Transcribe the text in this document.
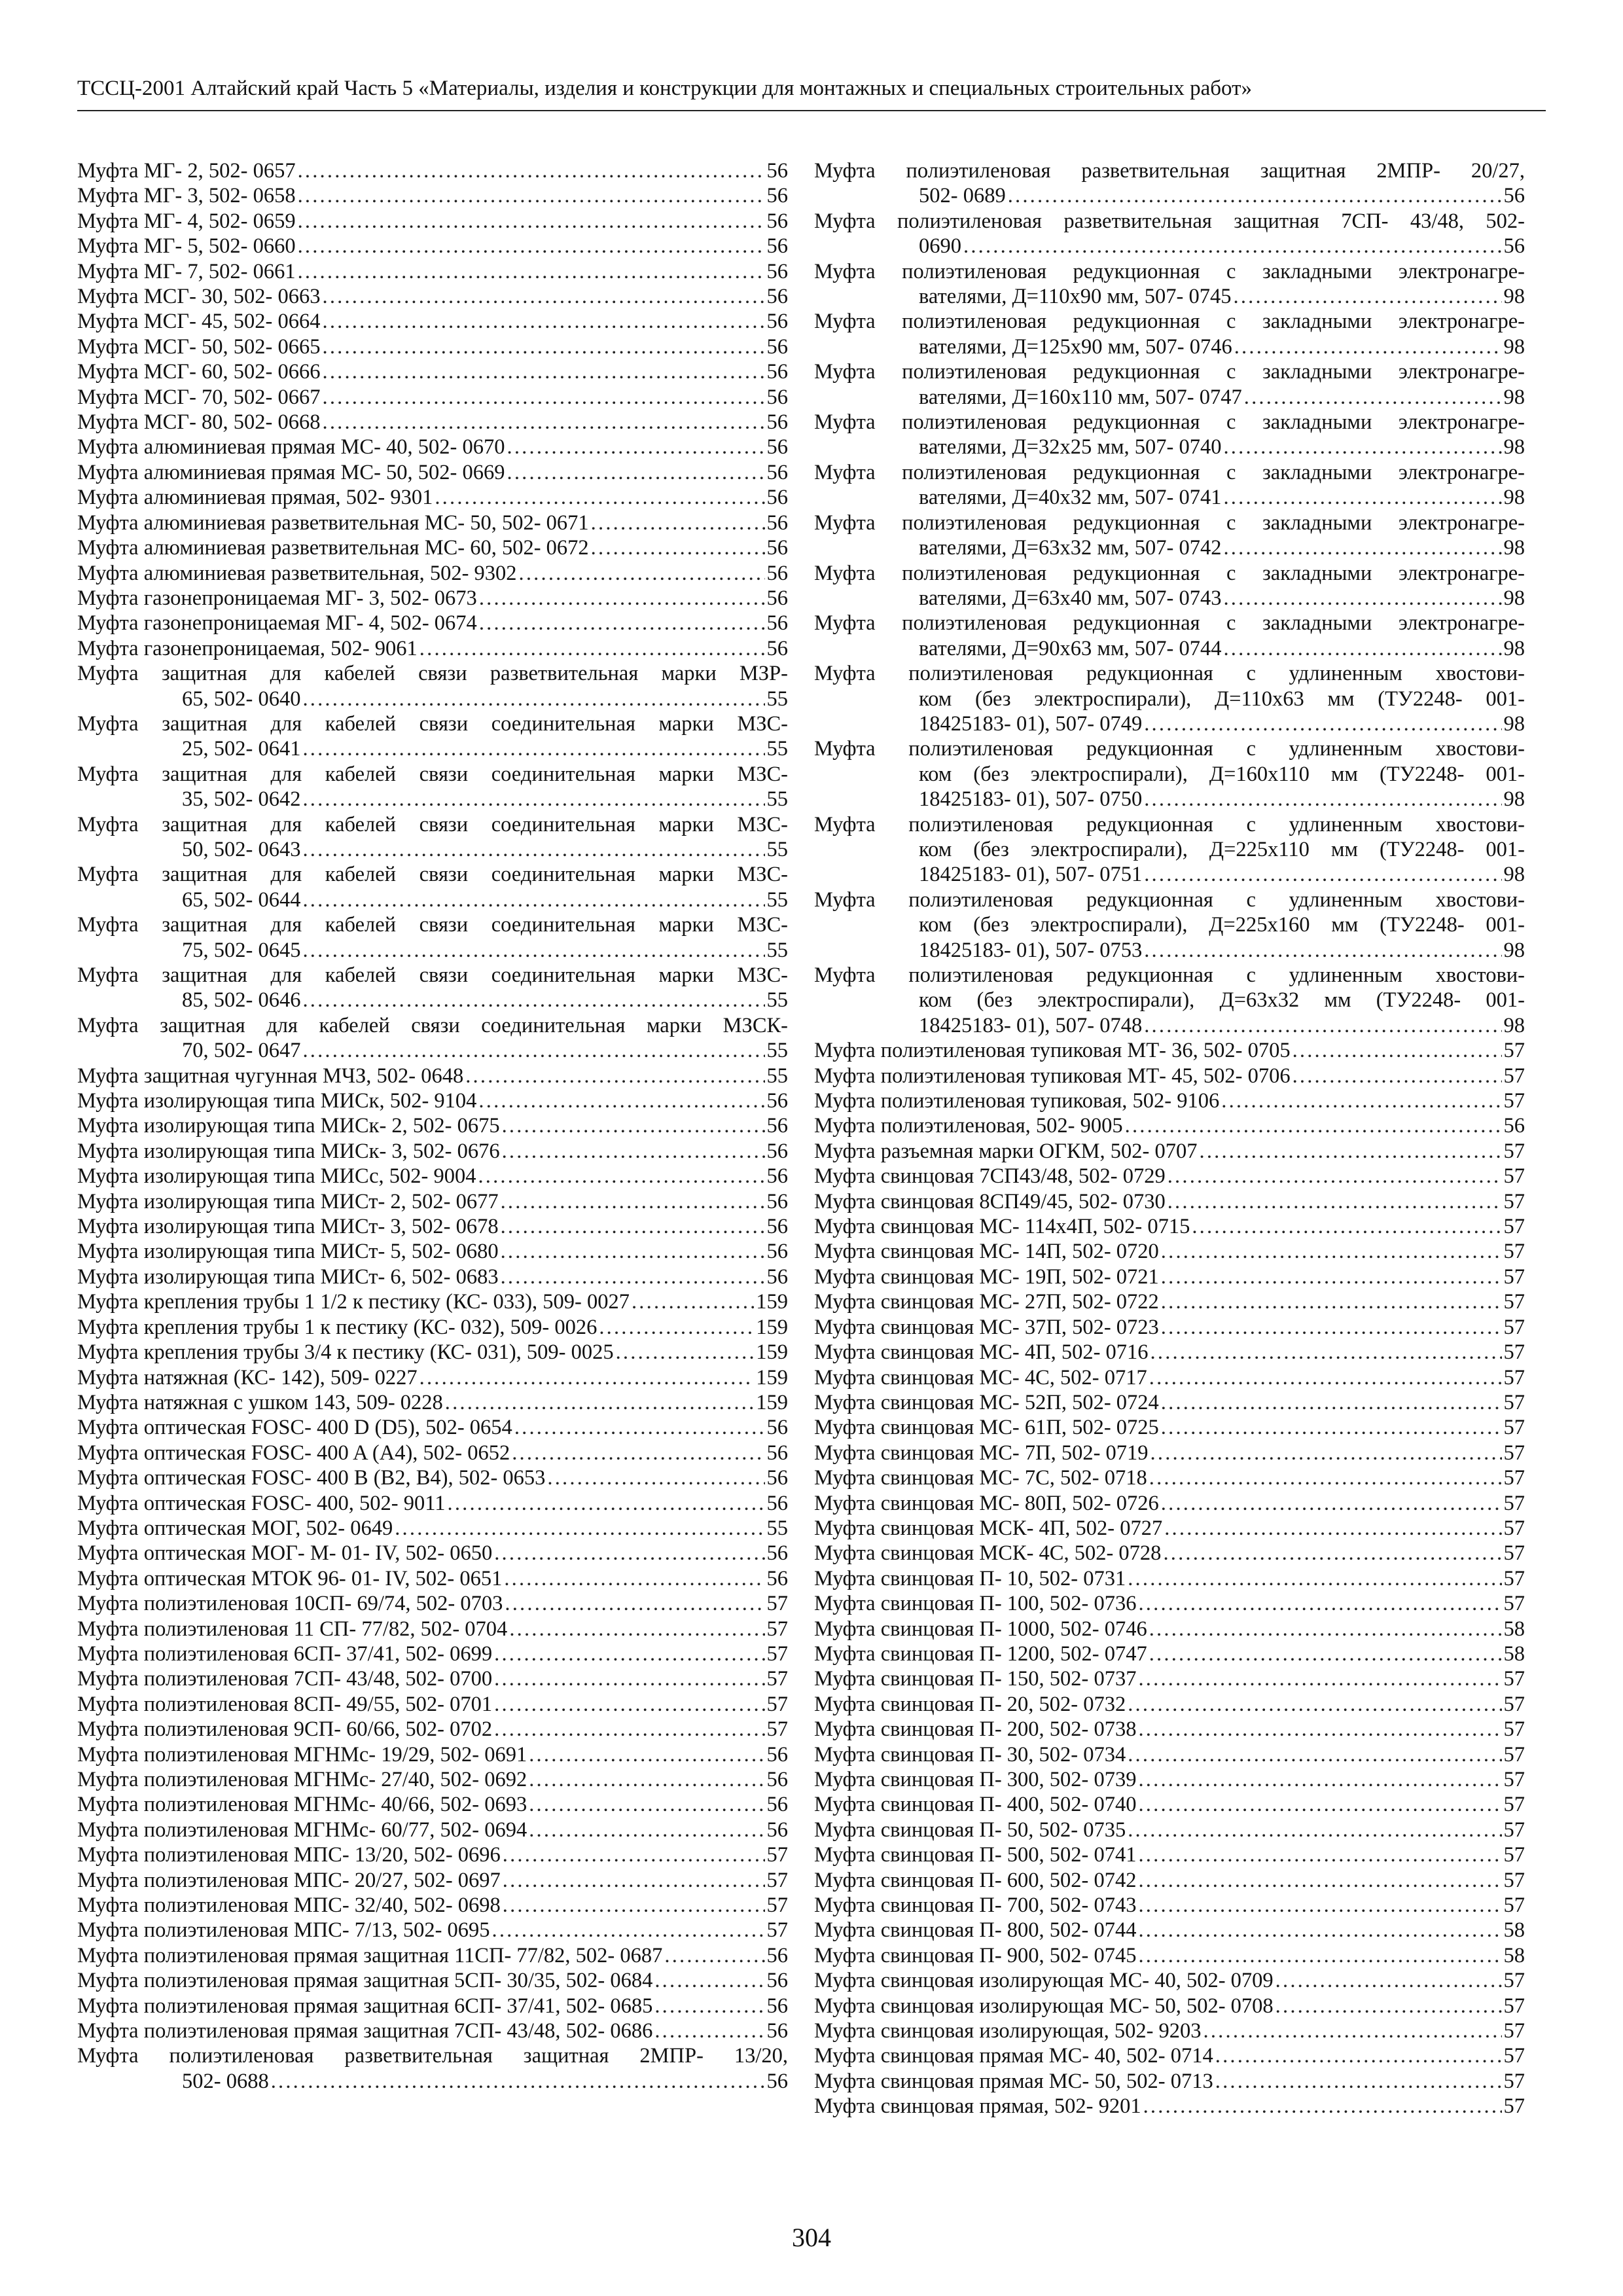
ТССЦ-2001 Алтайский край Часть 5 «Материалы, изделия и конструкции для монтажных и специальных строительных работ»
Муфта МГ- 2, 502- 0657 .....	56
Муфта МГ- 3, 502- 0658 .....	56
Муфта МГ- 4, 502- 0659 .....	56
Муфта МГ- 5, 502- 0660 .....	56
Муфта МГ- 7, 502- 0661 .....	56
Муфта МСГ- 30, 502- 0663 .....	56
Муфта МСГ- 45, 502- 0664 .....	56
Муфта МСГ- 50, 502- 0665 .....	56
Муфта МСГ- 60, 502- 0666 .....	56
Муфта МСГ- 70, 502- 0667 .....	56
Муфта МСГ- 80, 502- 0668 .....	56
Муфта алюминиевая прямая МС- 40, 502- 0670 .....	56
Муфта алюминиевая прямая МС- 50, 502- 0669 .....	56
Муфта алюминиевая прямая, 502- 9301 .....	56
Муфта алюминиевая разветвительная МС- 50, 502- 0671 .....	56
Муфта алюминиевая разветвительная МС- 60, 502- 0672 .....	56
Муфта алюминиевая разветвительная, 502- 9302 .....	56
Муфта газонепроницаемая МГ- 3, 502- 0673 .....	56
Муфта газонепроницаемая МГ- 4, 502- 0674 .....	56
Муфта газонепроницаемая, 502- 9061 .....	56
Муфта защитная для кабелей связи разветвительная марки МЗР-
65, 502- 0640 .....	55
Муфта защитная для кабелей связи соединительная марки МЗС-
25, 502- 0641 .....	55
Муфта защитная для кабелей связи соединительная марки МЗС-
35, 502- 0642 .....	55
Муфта защитная для кабелей связи соединительная марки МЗС-
50, 502- 0643 .....	55
Муфта защитная для кабелей связи соединительная марки МЗС-
65, 502- 0644 .....	55
Муфта защитная для кабелей связи соединительная марки МЗС-
75, 502- 0645 .....	55
Муфта защитная для кабелей связи соединительная марки МЗС-
85, 502- 0646 .....	55
Муфта защитная для кабелей связи соединительная марки МЗСК-
70, 502- 0647 .....	55
Муфта защитная чугунная МЧЗ, 502- 0648 .....	55
Муфта изолирующая типа МИСк, 502- 9104 .....	56
Муфта изолирующая типа МИСк- 2, 502- 0675 .....	56
Муфта изолирующая типа МИСк- 3, 502- 0676 .....	56
Муфта изолирующая типа МИСс, 502- 9004 .....	56
Муфта изолирующая типа МИСт- 2, 502- 0677 .....	56
Муфта изолирующая типа МИСт- 3, 502- 0678 .....	56
Муфта изолирующая типа МИСт- 5, 502- 0680 .....	56
Муфта изолирующая типа МИСт- 6, 502- 0683 .....	56
Муфта крепления трубы 1 1/2 к пестику (КС- 033), 509- 0027 .....	159
Муфта крепления трубы 1 к пестику (КС- 032), 509- 0026 .....	159
Муфта крепления трубы 3/4 к пестику (КС- 031), 509- 0025 .....	159
Муфта натяжная (КС- 142), 509- 0227 .....	159
Муфта натяжная с ушком 143, 509- 0228 .....	159
Муфта оптическая FOSC- 400 D (D5), 502- 0654 .....	56
Муфта оптическая FOSC- 400 A (A4), 502- 0652 .....	56
Муфта оптическая FOSC- 400 B (B2, B4), 502- 0653 .....	56
Муфта оптическая FOSC- 400, 502- 9011 .....	56
Муфта оптическая МОГ, 502- 0649 .....	55
Муфта оптическая МОГ- М- 01- IV, 502- 0650 .....	56
Муфта оптическая МТОК 96- 01- IV, 502- 0651 .....	56
Муфта полиэтиленовая 10СП- 69/74, 502- 0703 .....	57
Муфта полиэтиленовая 11 СП- 77/82, 502- 0704 .....	57
Муфта полиэтиленовая 6СП- 37/41, 502- 0699 .....	57
Муфта полиэтиленовая 7СП- 43/48, 502- 0700 .....	57
Муфта полиэтиленовая 8СП- 49/55, 502- 0701 .....	57
Муфта полиэтиленовая 9СП- 60/66, 502- 0702 .....	57
Муфта полиэтиленовая МГНМс- 19/29, 502- 0691 .....	56
Муфта полиэтиленовая МГНМс- 27/40, 502- 0692 .....	56
Муфта полиэтиленовая МГНМс- 40/66, 502- 0693 .....	56
Муфта полиэтиленовая МГНМс- 60/77, 502- 0694 .....	56
Муфта полиэтиленовая МПС- 13/20, 502- 0696 .....	57
Муфта полиэтиленовая МПС- 20/27, 502- 0697 .....	57
Муфта полиэтиленовая МПС- 32/40, 502- 0698 .....	57
Муфта полиэтиленовая МПС- 7/13, 502- 0695 .....	57
Муфта полиэтиленовая прямая защитная 11СП- 77/82, 502- 0687 .....	56
Муфта полиэтиленовая прямая защитная 5СП- 30/35, 502- 0684 .....	56
Муфта полиэтиленовая прямая защитная 6СП- 37/41, 502- 0685 .....	56
Муфта полиэтиленовая прямая защитная 7СП- 43/48, 502- 0686 .....	56
Муфта полиэтиленовая разветвительная защитная 2МПР- 13/20,
502- 0688 .....	56
Муфта полиэтиленовая разветвительная защитная 2МПР- 20/27,
502- 0689 .....	56
Муфта полиэтиленовая разветвительная защитная 7СП- 43/48, 502-
0690 .....	56
Муфта полиэтиленовая редукционная с закладными электронагре-
вателями, Д=110х90 мм, 507- 0745 .....	98
Муфта полиэтиленовая редукционная с закладными электронагре-
вателями, Д=125х90 мм, 507- 0746 .....	98
Муфта полиэтиленовая редукционная с закладными электронагре-
вателями, Д=160х110 мм, 507- 0747 .....	98
Муфта полиэтиленовая редукционная с закладными электронагре-
вателями, Д=32х25 мм, 507- 0740 .....	98
Муфта полиэтиленовая редукционная с закладными электронагре-
вателями, Д=40х32 мм, 507- 0741 .....	98
Муфта полиэтиленовая редукционная с закладными электронагре-
вателями, Д=63х32 мм, 507- 0742 .....	98
Муфта полиэтиленовая редукционная с закладными электронагре-
вателями, Д=63х40 мм, 507- 0743 .....	98
Муфта полиэтиленовая редукционная с закладными электронагре-
вателями, Д=90х63 мм, 507- 0744 .....	98
Муфта полиэтиленовая редукционная с удлиненным хвостови-
ком (без электроспирали), Д=110х63 мм (ТУ2248- 001-
18425183- 01), 507- 0749 .....	98
Муфта полиэтиленовая редукционная с удлиненным хвостови-
ком (без электроспирали), Д=160х110 мм (ТУ2248- 001-
18425183- 01), 507- 0750 .....	98
Муфта полиэтиленовая редукционная с удлиненным хвостови-
ком (без электроспирали), Д=225х110 мм (ТУ2248- 001-
18425183- 01), 507- 0751 .....	98
Муфта полиэтиленовая редукционная с удлиненным хвостови-
ком (без электроспирали), Д=225х160 мм (ТУ2248- 001-
18425183- 01), 507- 0753 .....	98
Муфта полиэтиленовая редукционная с удлиненным хвостови-
ком (без электроспирали), Д=63х32 мм (ТУ2248- 001-
18425183- 01), 507- 0748 .....	98
Муфта полиэтиленовая тупиковая МТ- 36, 502- 0705 .....	57
Муфта полиэтиленовая тупиковая МТ- 45, 502- 0706 .....	57
Муфта полиэтиленовая тупиковая, 502- 9106 .....	57
Муфта полиэтиленовая, 502- 9005 .....	56
Муфта разъемная марки ОГКМ, 502- 0707 .....	57
Муфта свинцовая 7СП43/48, 502- 0729 .....	57
Муфта свинцовая 8СП49/45, 502- 0730 .....	57
Муфта свинцовая МС- 114х4П, 502- 0715 .....	57
Муфта свинцовая МС- 14П, 502- 0720 .....	57
Муфта свинцовая МС- 19П, 502- 0721 .....	57
Муфта свинцовая МС- 27П, 502- 0722 .....	57
Муфта свинцовая МС- 37П, 502- 0723 .....	57
Муфта свинцовая МС- 4П, 502- 0716 .....	57
Муфта свинцовая МС- 4С, 502- 0717 .....	57
Муфта свинцовая МС- 52П, 502- 0724 .....	57
Муфта свинцовая МС- 61П, 502- 0725 .....	57
Муфта свинцовая МС- 7П, 502- 0719 .....	57
Муфта свинцовая МС- 7С, 502- 0718 .....	57
Муфта свинцовая МС- 80П, 502- 0726 .....	57
Муфта свинцовая МСК- 4П, 502- 0727 .....	57
Муфта свинцовая МСК- 4С, 502- 0728 .....	57
Муфта свинцовая П- 10, 502- 0731 .....	57
Муфта свинцовая П- 100, 502- 0736 .....	57
Муфта свинцовая П- 1000, 502- 0746 .....	58
Муфта свинцовая П- 1200, 502- 0747 .....	58
Муфта свинцовая П- 150, 502- 0737 .....	57
Муфта свинцовая П- 20, 502- 0732 .....	57
Муфта свинцовая П- 200, 502- 0738 .....	57
Муфта свинцовая П- 30, 502- 0734 .....	57
Муфта свинцовая П- 300, 502- 0739 .....	57
Муфта свинцовая П- 400, 502- 0740 .....	57
Муфта свинцовая П- 50, 502- 0735 .....	57
Муфта свинцовая П- 500, 502- 0741 .....	57
Муфта свинцовая П- 600, 502- 0742 .....	57
Муфта свинцовая П- 700, 502- 0743 .....	57
Муфта свинцовая П- 800, 502- 0744 .....	58
Муфта свинцовая П- 900, 502- 0745 .....	58
Муфта свинцовая изолирующая МС- 40, 502- 0709 .....	57
Муфта свинцовая изолирующая МС- 50, 502- 0708 .....	57
Муфта свинцовая изолирующая, 502- 9203 .....	57
Муфта свинцовая прямая МС- 40, 502- 0714 .....	57
Муфта свинцовая прямая МС- 50, 502- 0713 .....	57
Муфта свинцовая прямая, 502- 9201 .....	57
304
